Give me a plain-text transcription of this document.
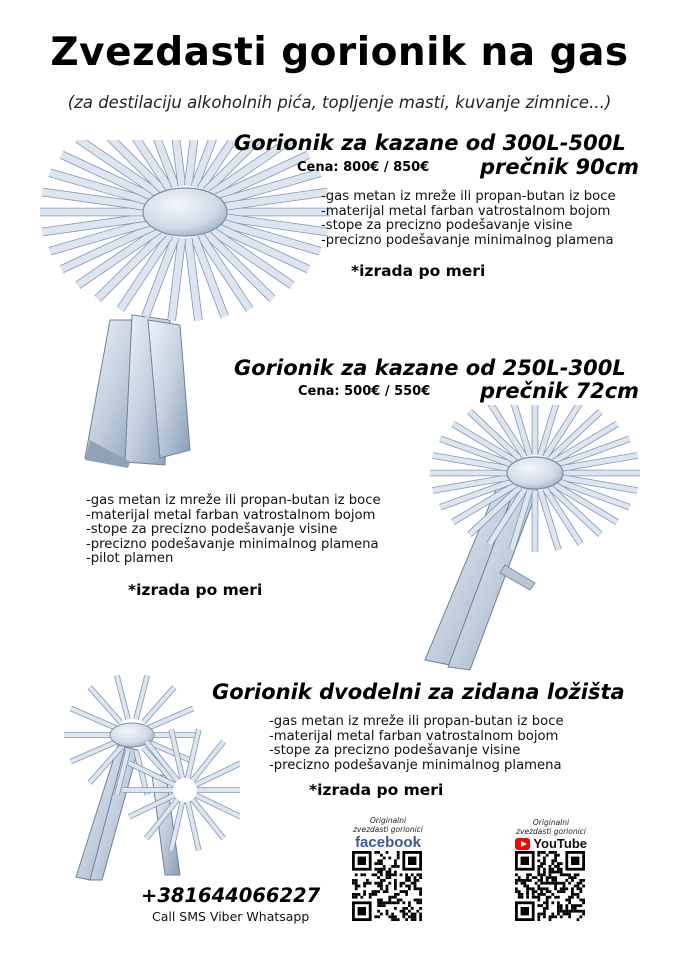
Zvezdasti gorionik na gas
(za destilaciju alkoholnih pića, topljenje masti, kuvanje zimnice...)
Gorionik za kazane od 300L-500L
Cena: 800€ / 850€ prečnik 90cm
-gas metan iz mreže ili propan-butan iz boce
-materijal metal farban vatrostalnom bojom
-stope za precizno podešavanje visine
-precizno podešavanje minimalnog plamena
*izrada po meri
Gorionik za kazane od 250L-300L
Cena: 500€ / 550€ prečnik 72cm
-gas metan iz mreže ili propan-butan iz boce
-materijal metal farban vatrostalnom bojom
-stope za precizno podešavanje visine
-precizno podešavanje minimalnog plamena
-pilot plamen
*izrada po meri
Gorionik dvodelni za zidana ložišta
-gas metan iz mreže ili propan-butan iz boce
-materijal metal farban vatrostalnom bojom
-stope za precizno podešavanje visine
-precizno podešavanje minimalnog plamena
*izrada po meri
+381644066227
Call SMS Viber Whatsapp
Originalni zvezdasti gorionici
facebook
Originalni zvezdasti gorionici
YouTube
